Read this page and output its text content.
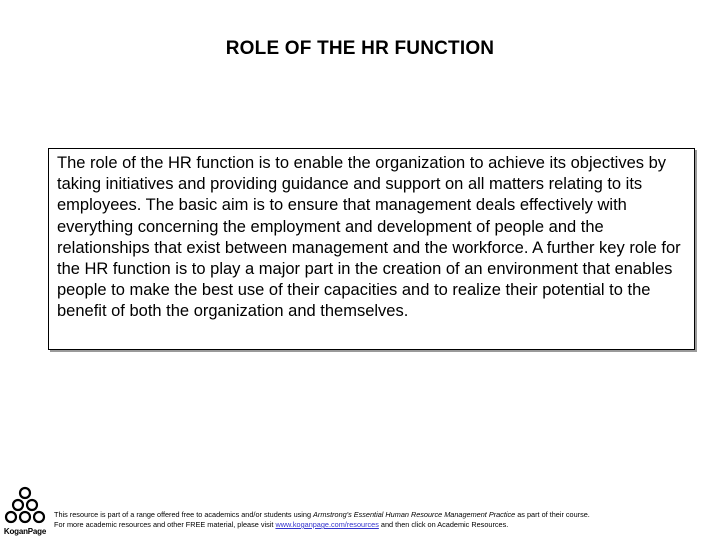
ROLE OF THE HR FUNCTION

The role of the HR function is to enable the organization to achieve its objectives by taking initiatives and providing guidance and support on all matters relating to its employees. The basic aim is to ensure that management deals effectively with everything concerning the employment and development of people and the relationships that exist between management and the workforce. A further key role for the HR function is to play a major part in the creation of an environment that enables people to make the best use of their capacities and to realize their potential to the benefit of both the organization and themselves.

KoganPage
This resource is part of a range offered free to academics and/or students using Armstrong's Essential Human Resource Management Practice as part of their course.
For more academic resources and other FREE material, please visit www.koganpage.com/resources and then click on Academic Resources.
